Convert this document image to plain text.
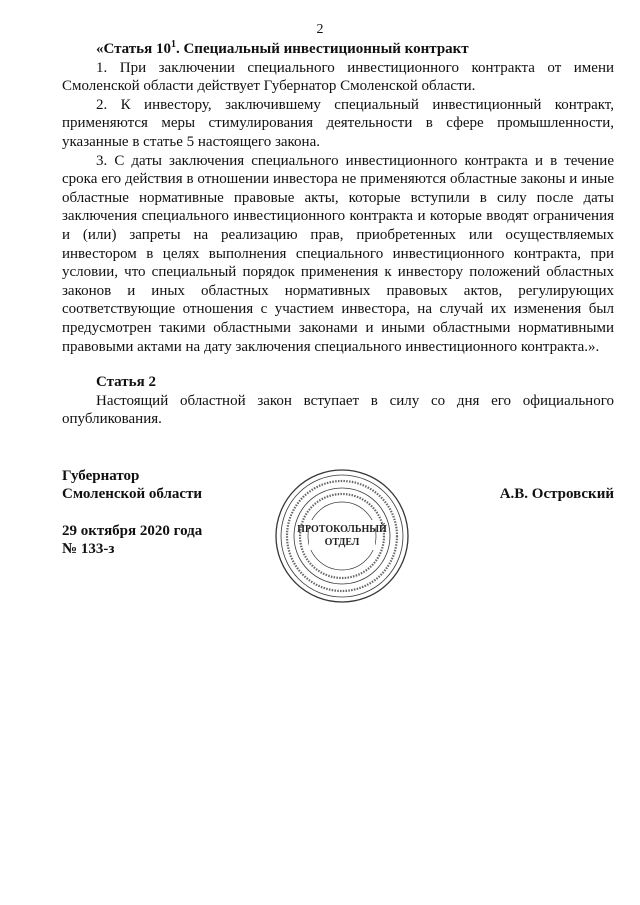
2

«Статья $10^1$. Специальный инвестиционный контракт

1. При заключении специального инвестиционного контракта от имени Смоленской области действует Губернатор Смоленской области.

2. К инвестору, заключившему специальный инвестиционный контракт, применяются меры стимулирования деятельности в сфере промышленности, указанные в статье 5 настоящего закона.

3. С даты заключения специального инвестиционного контракта и в течение срока его действия в отношении инвестора не применяются областные законы и иные областные нормативные правовые акты, которые вступили в силу после даты заключения специального инвестиционного контракта и которые вводят ограничения и (или) запреты на реализацию прав, приобретенных или осуществляемых инвестором в целях выполнения специального инвестиционного контракта, при условии, что специальный порядок применения к инвестору положений областных законов и иных областных нормативных правовых актов, регулирующих соответствующие отношения с участием инвестора, на случай их изменения был предусмотрен такими областными законами и иными областными нормативными правовыми актами на дату заключения специального инвестиционного контракта.».

Статья 2

Настоящий областной закон вступает в силу со дня его официального опубликования.

Губернатор
Смоленской области	А.В. Островский
29 октября 2020 года
№ 133-з
ПРОТОКОЛЬНЫЙ
ОТДЕЛ
